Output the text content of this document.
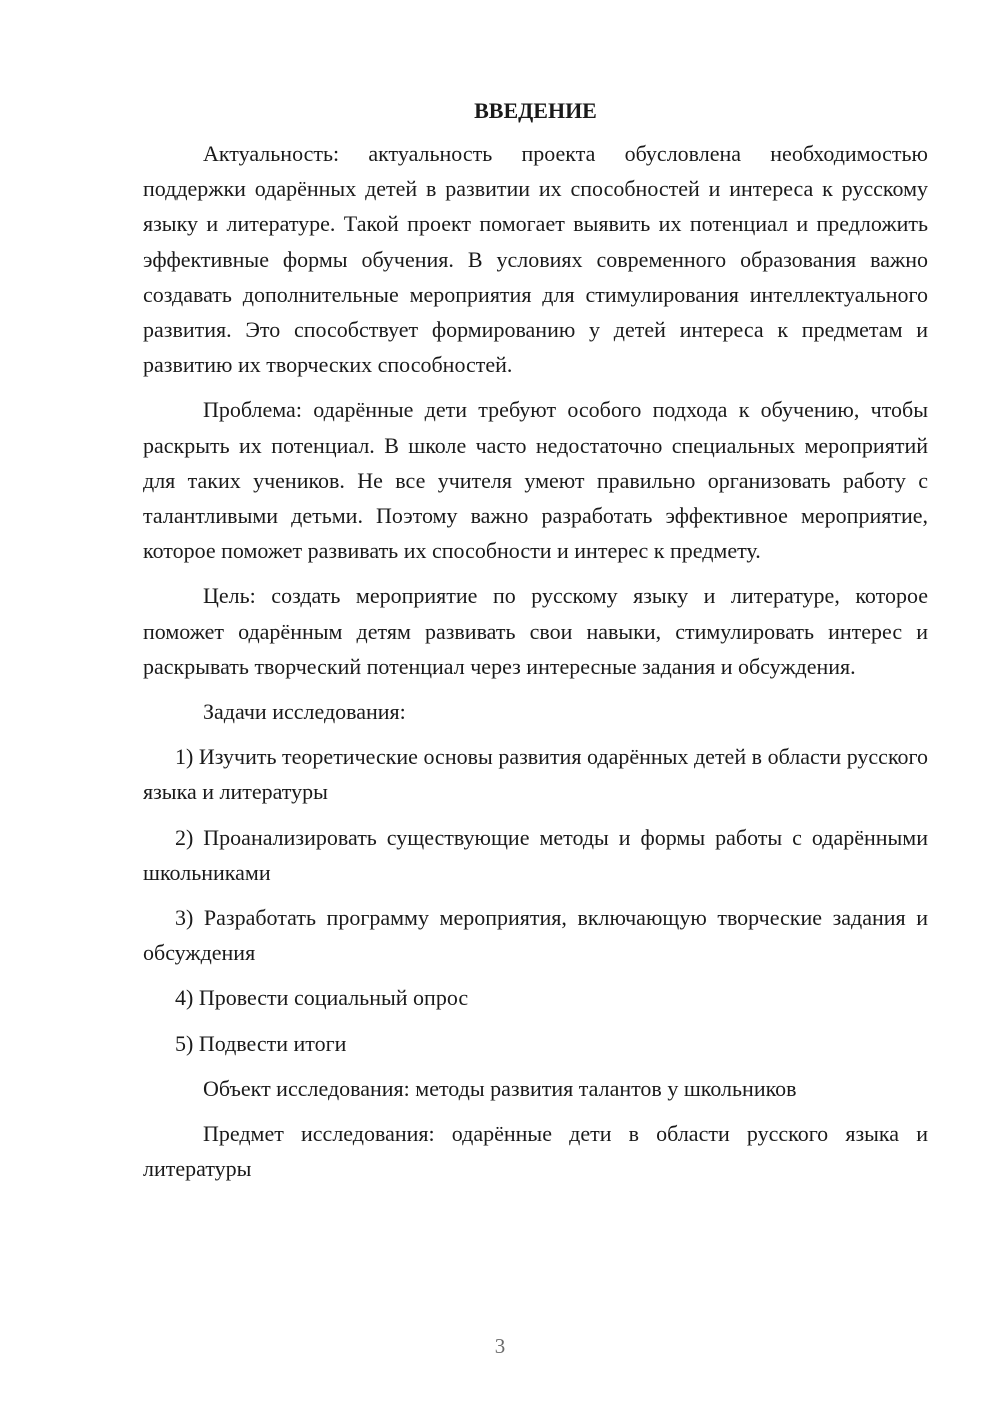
ВВЕДЕНИЕ

Актуальность: актуальность проекта обусловлена необходимостью поддержки одарённых детей в развитии их способностей и интереса к русскому языку и литературе. Такой проект помогает выявить их потенциал и предложить эффективные формы обучения. В условиях современного образования важно создавать дополнительные мероприятия для стимулирования интеллектуального развития. Это способствует формированию у детей интереса к предметам и развитию их творческих способностей.

Проблема: одарённые дети требуют особого подхода к обучению, чтобы раскрыть их потенциал. В школе часто недостаточно специальных мероприятий для таких учеников. Не все учителя умеют правильно организовать работу с талантливыми детьми. Поэтому важно разработать эффективное мероприятие, которое поможет развивать их способности и интерес к предмету.

Цель: создать мероприятие по русскому языку и литературе, которое поможет одарённым детям развивать свои навыки, стимулировать интерес и раскрывать творческий потенциал через интересные задания и обсуждения.

Задачи исследования:

1) Изучить теоретические основы развития одарённых детей в области русского языка и литературы

2) Проанализировать существующие методы и формы работы с одарёнными школьниками

3) Разработать программу мероприятия, включающую творческие задания и обсуждения

4) Провести социальный опрос

5) Подвести итоги

Объект исследования: методы развития талантов у школьников

Предмет исследования: одарённые дети в области русского языка и литературы

3
